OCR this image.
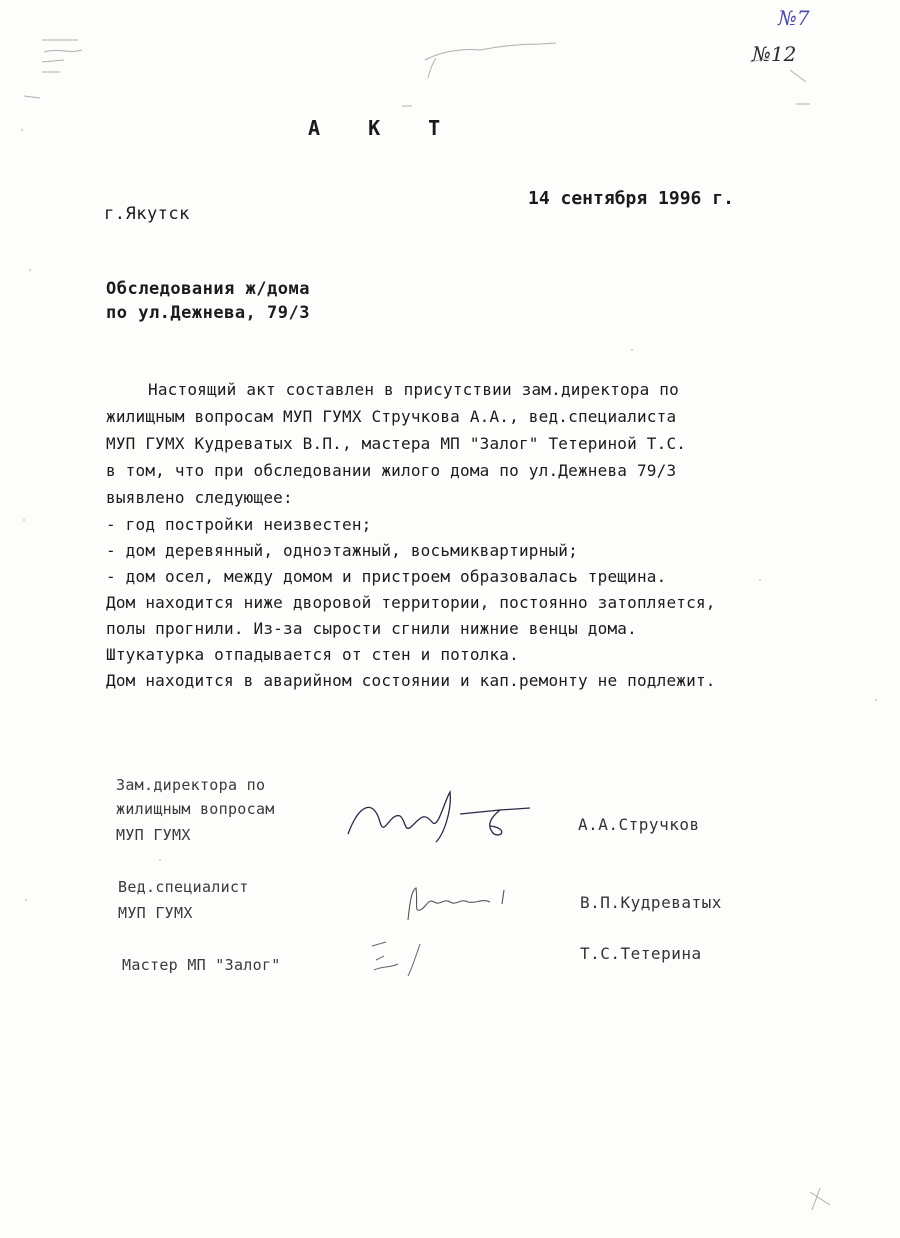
№7
№12
А К Т
г.Якутск
14 сентября 1996 г.
Обследования ж/дома
по ул.Дежнева, 79/3
Настоящий акт составлен в присутствии зам.директора по
жилищным вопросам МУП ГУМХ Стручкова А.А., вед.специалиста
МУП ГУМХ Кудреватых В.П., мастера МП "Залог" Тетериной Т.С.
в том, что при обследовании жилого дома по ул.Дежнева 79/3
выявлено следующее:
- год постройки неизвестен;
- дом деревянный, одноэтажный, восьмиквартирный;
- дом осел, между домом и пристроем образовалась трещина.
Дом находится ниже дворовой территории, постоянно затопляется,
полы прогнили. Из-за сырости сгнили нижние венцы дома.
Штукатурка отпадывается от стен и потолка.
Дом находится в аварийном состоянии и кап.ремонту не подлежит.
Зам.директора по
жилищным вопросам
МУП ГУМХ
А.А.Стручков
Вед.специалист
МУП ГУМХ
В.П.Кудреватых
Мастер МП "Залог"
Т.С.Тетерина
